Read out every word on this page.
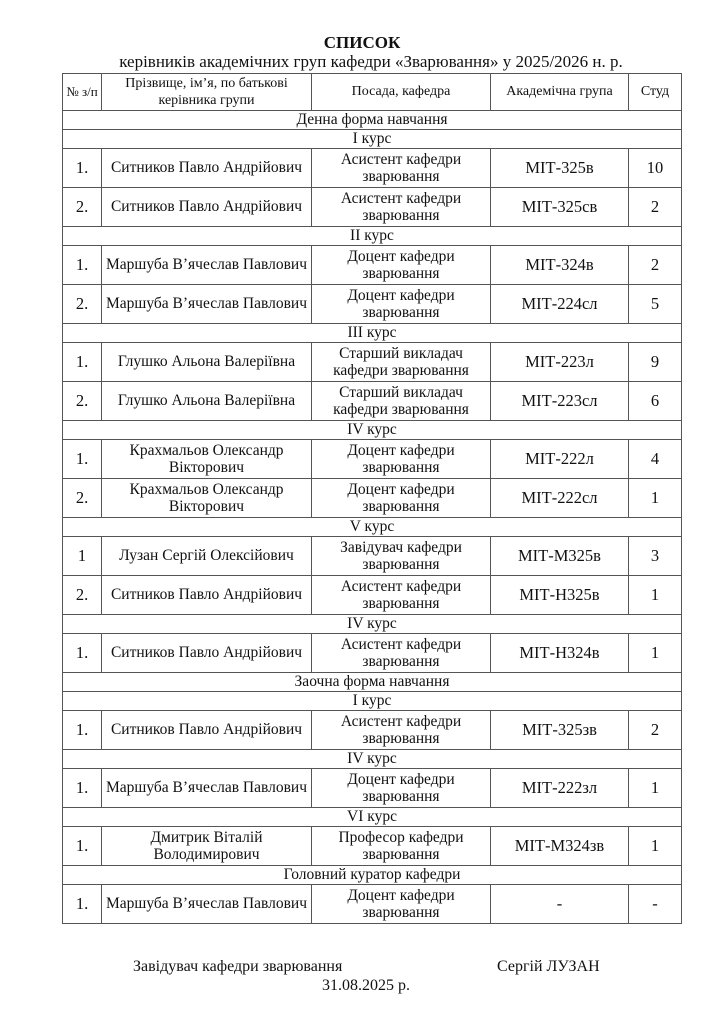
СПИСОК
керівників академічних груп кафедри «Зварювання» у 2025/2026 н. р.
№ з/п	Прізвище, ім’я, по батькові керівника групи	Посада, кафедра	Академічна група	Студ
Денна форма навчання				
I курс				
1.	Ситников Павло Андрійович	Асистент кафедри зварювання	МІТ-325в	10
2.	Ситников Павло Андрійович	Асистент кафедри зварювання	МІТ-325св	2
II курс				
1.	Маршуба В’ячеслав Павлович	Доцент кафедри зварювання	МІТ-324в	2
2.	Маршуба В’ячеслав Павлович	Доцент кафедри зварювання	МІТ-224сл	5
III курс				
1.	Глушко Альона Валеріївна	Старший викладач кафедри зварювання	МІТ-223л	9
2.	Глушко Альона Валеріївна	Старший викладач кафедри зварювання	МІТ-223сл	6
IV курс				
1.	Крахмальов Олександр Вікторович	Доцент кафедри зварювання	МІТ-222л	4
2.	Крахмальов Олександр Вікторович	Доцент кафедри зварювання	МІТ-222сл	1
V курс				
1	Лузан Сергій Олексійович	Завідувач кафедри зварювання	МІТ-М325в	3
2.	Ситников Павло Андрійович	Асистент кафедри зварювання	МІТ-Н325в	1
IV курс				
1.	Ситников Павло Андрійович	Асистент кафедри зварювання	МІТ-Н324в	1
Заочна форма навчання				
I курс				
1.	Ситников Павло Андрійович	Асистент кафедри зварювання	МІТ-325зв	2
IV курс				
1.	Маршуба В’ячеслав Павлович	Доцент кафедри зварювання	МІТ-222зл	1
VI курс				
1.	Дмитрик Віталій Володимирович	Професор кафедри зварювання	МІТ-М324зв	1
Головний куратор кафедри				
1.	Маршуба В’ячеслав Павлович	Доцент кафедри зварювання	-	-
Завідувач кафедри зварювання	Сергій ЛУЗАН
31.08.2025 р.
